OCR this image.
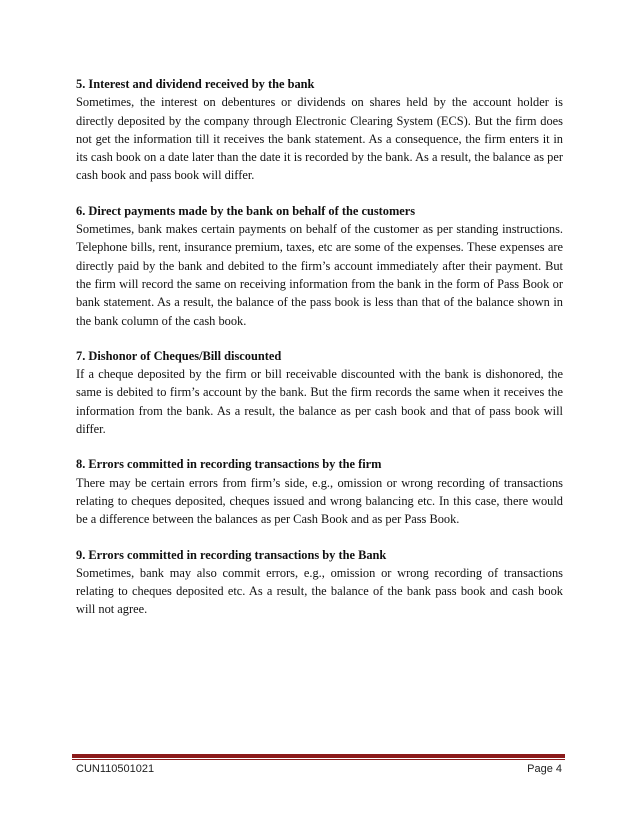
5. Interest and dividend received by the bank

Sometimes, the interest on debentures or dividends on shares held by the account holder is directly deposited by the company through Electronic Clearing System (ECS). But the firm does not get the information till it receives the bank statement. As a consequence, the firm enters it in its cash book on a date later than the date it is recorded by the bank. As a result, the balance as per cash book and pass book will differ.

6. Direct payments made by the bank on behalf of the customers

Sometimes, bank makes certain payments on behalf of the customer as per standing instructions. Telephone bills, rent, insurance premium, taxes, etc are some of the expenses. These expenses are directly paid by the bank and debited to the firm’s account immediately after their payment. But the firm will record the same on receiving information from the bank in the form of Pass Book or bank statement. As a result, the balance of the pass book is less than that of the balance shown in the bank column of the cash book.

7. Dishonor of Cheques/Bill discounted

If a cheque deposited by the firm or bill receivable discounted with the bank is dishonored, the same is debited to firm’s account by the bank. But the firm records the same when it receives the information from the bank. As a result, the balance as per cash book and that of pass book will differ.

8. Errors committed in recording transactions by the firm

There may be certain errors from firm’s side, e.g., omission or wrong recording of transactions relating to cheques deposited, cheques issued and wrong balancing etc. In this case, there would be a difference between the balances as per Cash Book and as per Pass Book.

9. Errors committed in recording transactions by the Bank

Sometimes, bank may also commit errors, e.g., omission or wrong recording of transactions relating to cheques deposited etc. As a result, the balance of the bank pass book and cash book will not agree.

CUN110501021	Page 4
